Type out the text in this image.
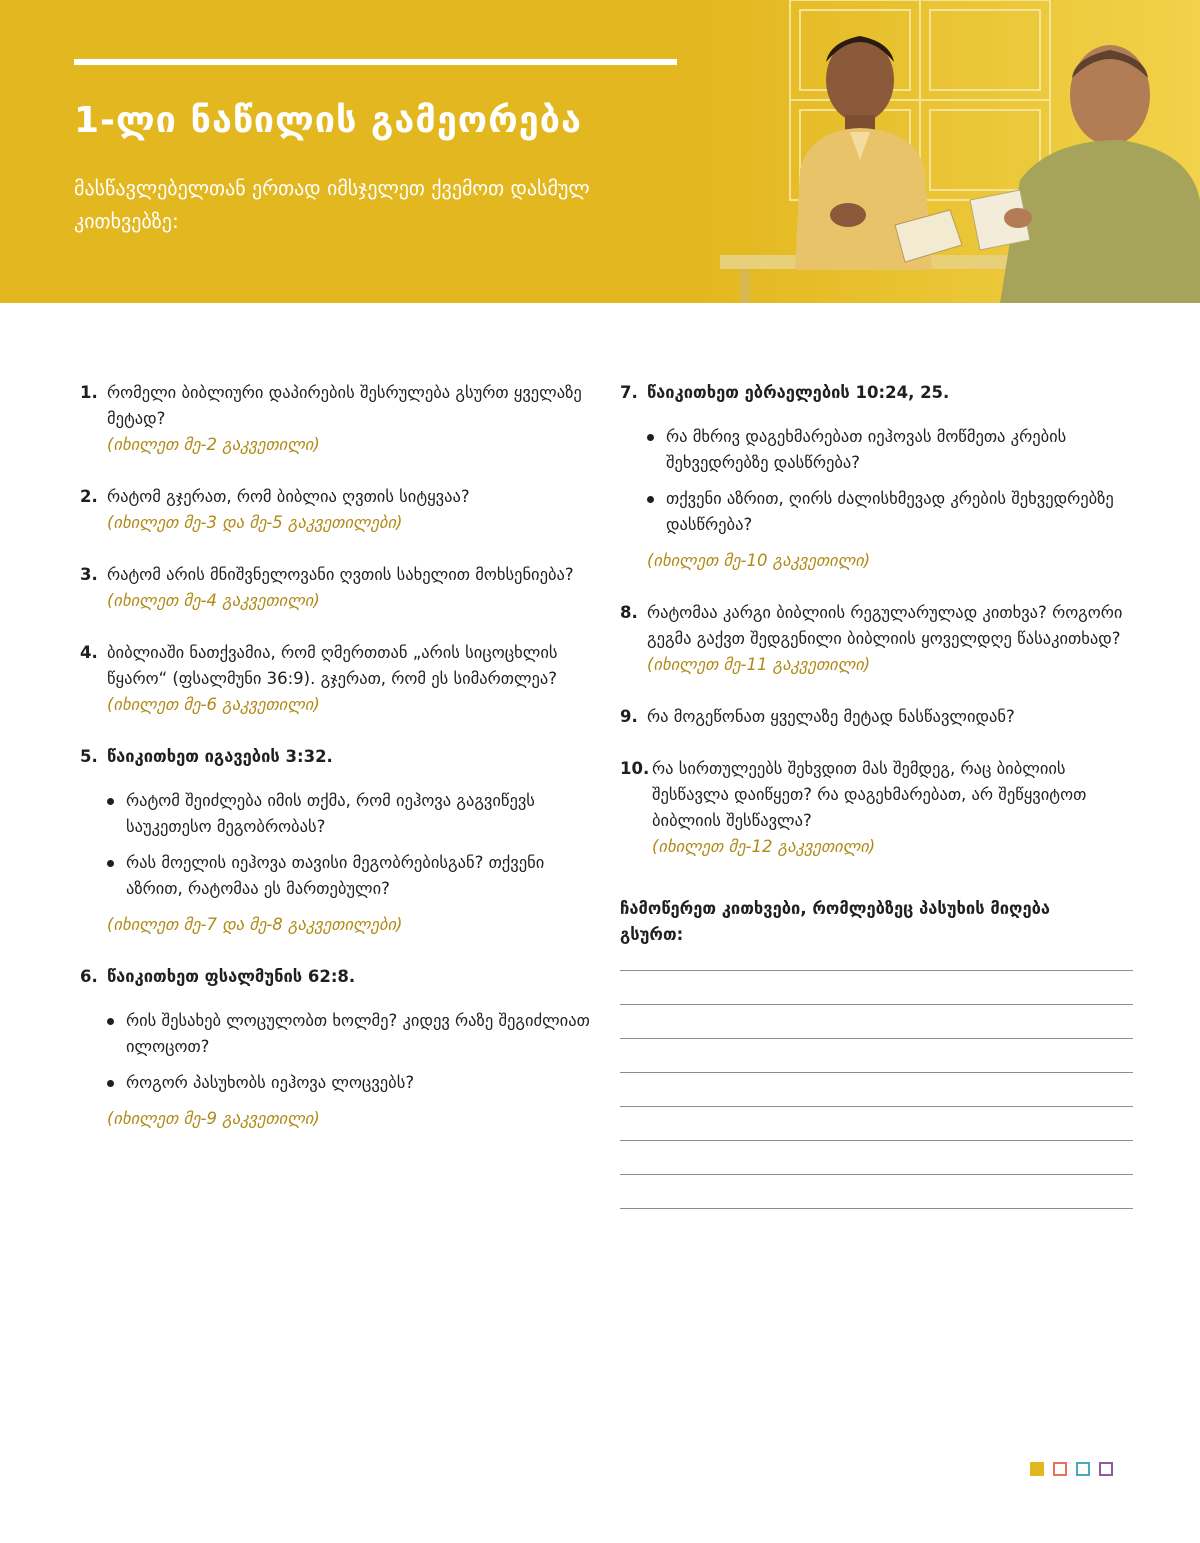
1-ლი ნაწილის გამეორება
მასწავლებელთან ერთად იმსჯელეთ ქვემოთ დასმულ კითხვებზე:
1. რომელი ბიბლიური დაპირების შესრულება გსურთ ყველაზე მეტად?
(იხილეთ მე-2 გაკვეთილი)
2. რატომ გჯერათ, რომ ბიბლია ღვთის სიტყვაა?
(იხილეთ მე-3 და მე-5 გაკვეთილები)
3. რატომ არის მნიშვნელოვანი ღვთის სახელით მოხსენიება? (იხილეთ მე-4 გაკვეთილი)
4. ბიბლიაში ნათქვამია, რომ ღმერთთან „არის სიცოცხლის წყარო“ (ფსალმუნი 36:9). გჯერათ, რომ ეს სიმართლეა?
(იხილეთ მე-6 გაკვეთილი)
5. წაიკითხეთ იგავების 3:32.
რატომ შეიძლება იმის თქმა, რომ იეჰოვა გაგვიწევს საუკეთესო მეგობრობას?
რას მოელის იეჰოვა თავისი მეგობრებისგან? თქვენი აზრით, რატომაა ეს მართებული?
(იხილეთ მე-7 და მე-8 გაკვეთილები)
6. წაიკითხეთ ფსალმუნის 62:8.
რის შესახებ ლოცულობთ ხოლმე? კიდევ რაზე შეგიძლიათ ილოცოთ?
როგორ პასუხობს იეჰოვა ლოცვებს?
(იხილეთ მე-9 გაკვეთილი)
7. წაიკითხეთ ებრაელების 10:24, 25.
რა მხრივ დაგეხმარებათ იეჰოვას მოწმეთა კრების შეხვედრებზე დასწრება?
თქვენი აზრით, ღირს ძალისხმევად კრების შეხვედრებზე დასწრება?
(იხილეთ მე-10 გაკვეთილი)
8. რატომაა კარგი ბიბლიის რეგულარულად კითხვა? როგორი გეგმა გაქვთ შედგენილი ბიბლიის ყოველდღე წასაკითხად? (იხილეთ მე-11 გაკვეთილი)
9. რა მოგეწონათ ყველაზე მეტად ნასწავლიდან?
10. რა სირთულეებს შეხვდით მას შემდეგ, რაც ბიბლიის შესწავლა დაიწყეთ? რა დაგეხმარებათ, არ შეწყვიტოთ ბიბლიის შესწავლა?
(იხილეთ მე-12 გაკვეთილი)
ჩამოწერეთ კითხვები, რომლებზეც პასუხის მიღება გსურთ:
